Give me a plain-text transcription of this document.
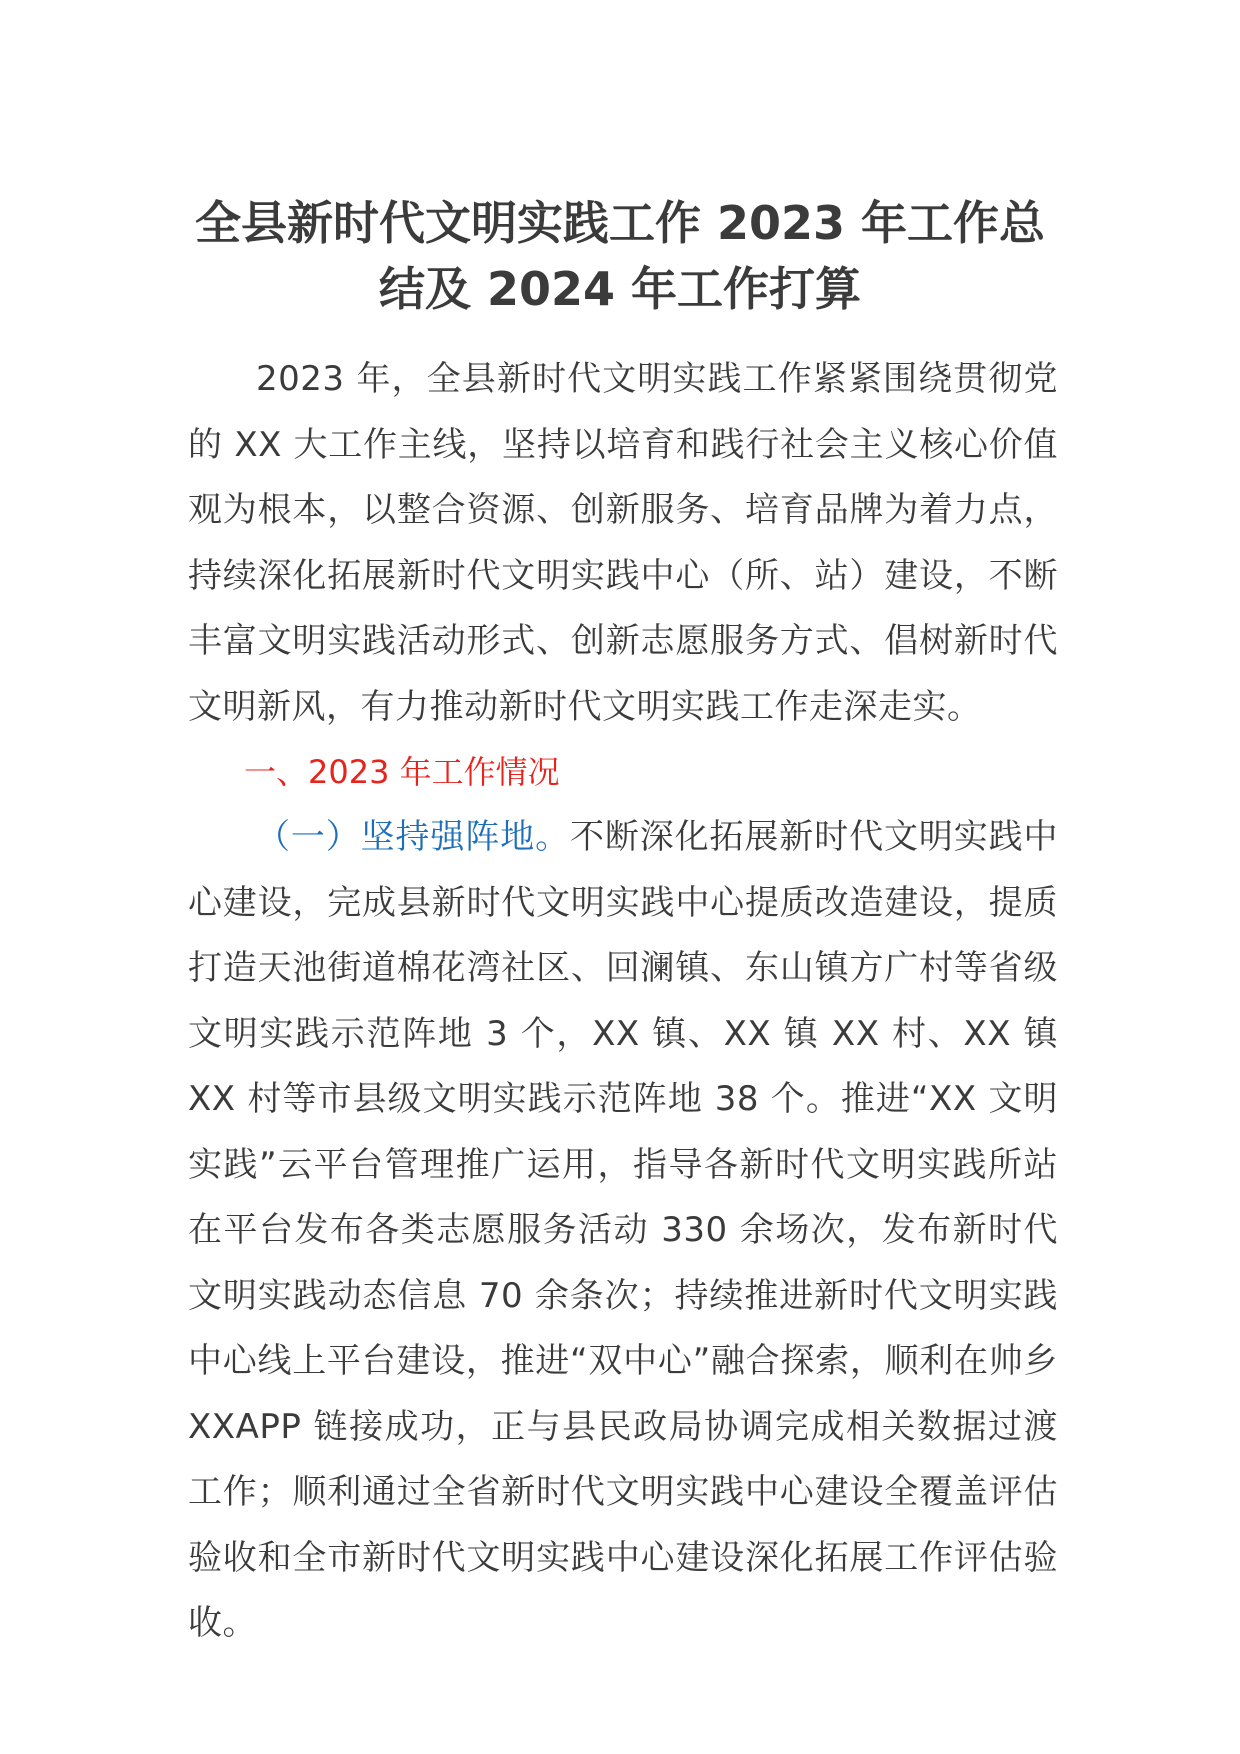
全县新时代文明实践工作 2023 年工作总结及 2024 年工作打算

2023 年，全县新时代文明实践工作紧紧围绕贯彻党的 XX 大工作主线，坚持以培育和践行社会主义核心价值观为根本，以整合资源、创新服务、培育品牌为着力点，持续深化拓展新时代文明实践中心（所、站）建设，不断丰富文明实践活动形式、创新志愿服务方式、倡树新时代文明新风，有力推动新时代文明实践工作走深走实。

一、2023 年工作情况

（一）坚持强阵地。不断深化拓展新时代文明实践中心建设，完成县新时代文明实践中心提质改造建设，提质打造天池街道棉花湾社区、回澜镇、东山镇方广村等省级文明实践示范阵地 3 个，XX 镇、XX 镇 XX 村、XX 镇 XX 村等市县级文明实践示范阵地 38 个。推进“XX 文明实践”云平台管理推广运用，指导各新时代文明实践所站在平台发布各类志愿服务活动 330 余场次，发布新时代文明实践动态信息 70 余条次；持续推进新时代文明实践中心线上平台建设，推进“双中心”融合探索，顺利在帅乡 XXAPP 链接成功，正与县民政局协调完成相关数据过渡工作；顺利通过全省新时代文明实践中心建设全覆盖评估验收和全市新时代文明实践中心建设深化拓展工作评估验收。
